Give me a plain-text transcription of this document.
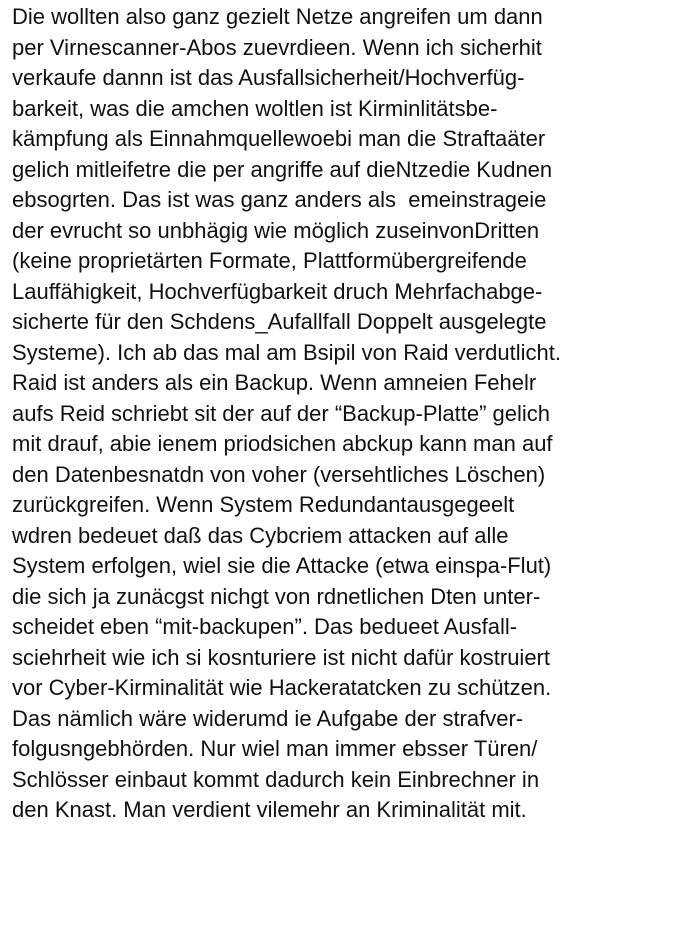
Die wollten also ganz gezielt Netze angreifen um dann
per Virnescanner-Abos zuevrdieen. Wenn ich sicherhit
verkaufe dannn ist das Ausfallsicherheit/Hochverfüg-
barkeit, was die amchen woltlen ist Kirminlitätsbe-
kämpfung als Einnahmquellewoebi man die Straftaäter
gelich mitleifetre die per angriffe auf dieNtzedie Kudnen
ebsogrten. Das ist was ganz anders als  emeinstrageie
der evrucht so unbhägig wie möglich zuseinvonDritten
(keine proprietärten Formate, Plattformübergreifende
Lauffähigkeit, Hochverfügbarkeit druch Mehrfachabge-
sicherte für den Schdens_Aufallfall Doppelt ausgelegte
Systeme). Ich ab das mal am Bsipil von Raid verdutlicht.
Raid ist anders als ein Backup. Wenn amneien Fehelr
aufs Reid schriebt sit der auf der “Backup-Platte” gelich
mit drauf, abie ienem priodsichen abckup kann man auf
den Datenbesnatdn von voher (versehtliches Löschen)
zurückgreifen. Wenn System Redundantausgegeelt
wdren bedeuet daß das Cybcriem attacken auf alle
System erfolgen, wiel sie die Attacke (etwa einspa-Flut)
die sich ja zunäcgst nichgt von rdnetlichen Dten unter-
scheidet eben “mit-backupen”. Das bedueet Ausfall-
sciehrheit wie ich si kosnturiere ist nicht dafür kostruiert
vor Cyber-Kirminalität wie Hackeratatcken zu schützen.
Das nämlich wäre widerumd ie Aufgabe der strafver-
folgusngebhörden. Nur wiel man immer ebsser Türen/
Schlösser einbaut kommt dadurch kein Einbrechner in
den Knast. Man verdient vilemehr an Kriminalität mit.
